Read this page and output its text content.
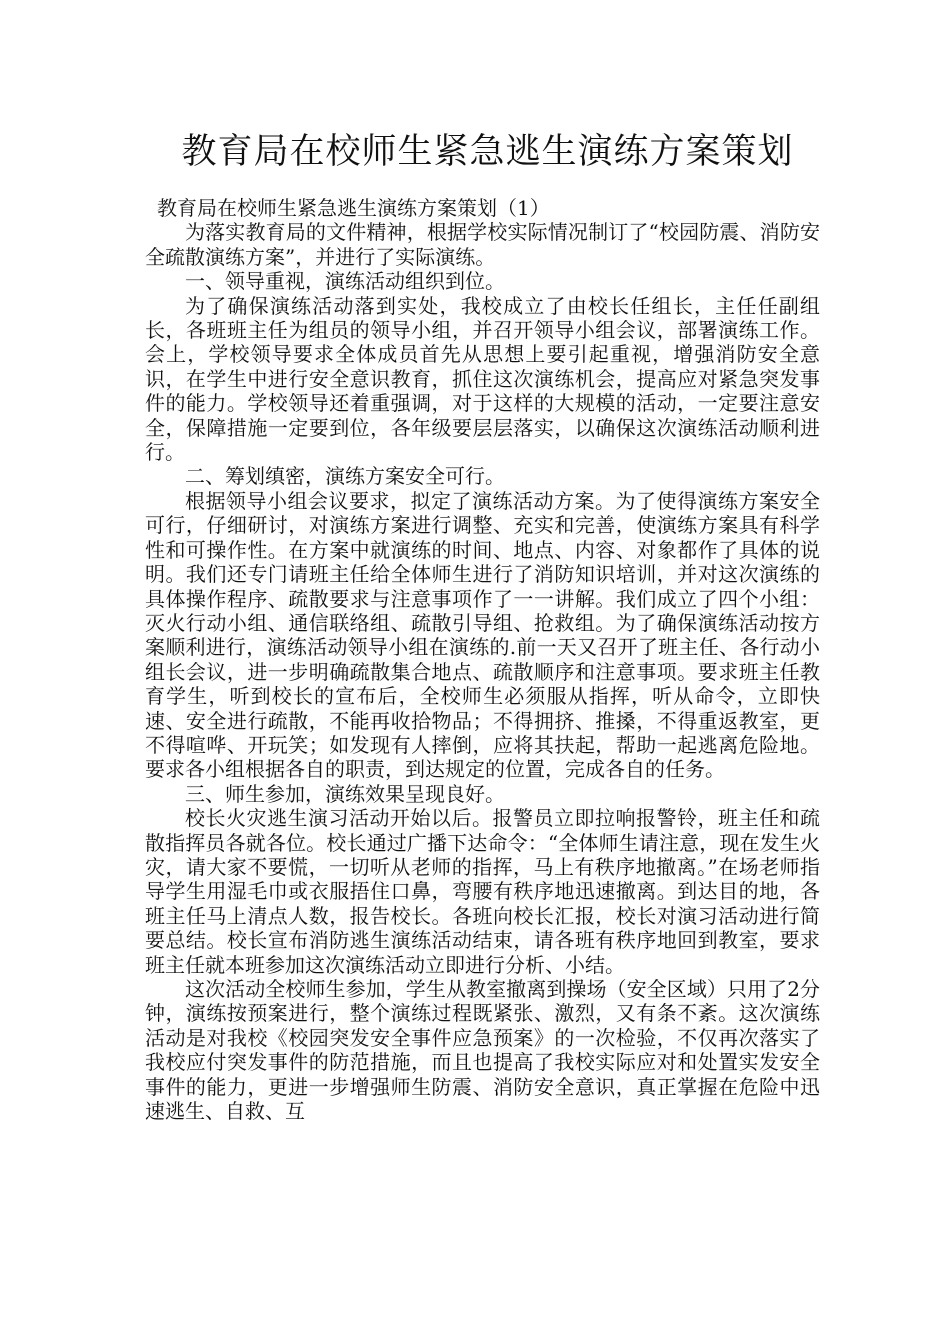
教育局在校师生紧急逃生演练方案策划

教育局在校师生紧急逃生演练方案策划（1）

为落实教育局的文件精神，根据学校实际情况制订了“校园防震、消防安全疏散演练方案”，并进行了实际演练。

一、领导重视，演练活动组织到位。

为了确保演练活动落到实处，我校成立了由校长任组长，主任任副组长，各班班主任为组员的领导小组，并召开领导小组会议，部署演练工作。会上，学校领导要求全体成员首先从思想上要引起重视，增强消防安全意识，在学生中进行安全意识教育，抓住这次演练机会，提高应对紧急突发事件的能力。学校领导还着重强调，对于这样的大规模的活动，一定要注意安全，保障措施一定要到位，各年级要层层落实，以确保这次演练活动顺利进行。

二、筹划缜密，演练方案安全可行。

根据领导小组会议要求，拟定了演练活动方案。为了使得演练方案安全可行，仔细研讨，对演练方案进行调整、充实和完善，使演练方案具有科学性和可操作性。在方案中就演练的时间、地点、内容、对象都作了具体的说明。我们还专门请班主任给全体师生进行了消防知识培训，并对这次演练的具体操作程序、疏散要求与注意事项作了一一讲解。我们成立了四个小组：灭火行动小组、通信联络组、疏散引导组、抢救组。为了确保演练活动按方案顺利进行，演练活动领导小组在演练的.前一天又召开了班主任、各行动小组长会议，进一步明确疏散集合地点、疏散顺序和注意事项。要求班主任教育学生，听到校长的宣布后，全校师生必须服从指挥，听从命令，立即快速、安全进行疏散，不能再收拾物品；不得拥挤、推搡，不得重返教室，更不得喧哗、开玩笑；如发现有人摔倒，应将其扶起，帮助一起逃离危险地。要求各小组根据各自的职责，到达规定的位置，完成各自的任务。

三、师生参加，演练效果呈现良好。

校长火灾逃生演习活动开始以后。报警员立即拉响报警铃，班主任和疏散指挥员各就各位。校长通过广播下达命令：“全体师生请注意，现在发生火灾，请大家不要慌，一切听从老师的指挥，马上有秩序地撤离。”在场老师指导学生用湿毛巾或衣服捂住口鼻，弯腰有秩序地迅速撤离。到达目的地，各班主任马上清点人数，报告校长。各班向校长汇报，校长对演习活动进行简要总结。校长宣布消防逃生演练活动结束，请各班有秩序地回到教室，要求班主任就本班参加这次演练活动立即进行分析、小结。

这次活动全校师生参加，学生从教室撤离到操场（安全区域）只用了2分钟，演练按预案进行，整个演练过程既紧张、激烈，又有条不紊。这次演练活动是对我校《校园突发安全事件应急预案》的一次检验，不仅再次落实了我校应付突发事件的防范措施，而且也提高了我校实际应对和处置实发安全事件的能力，更进一步增强师生防震、消防安全意识，真正掌握在危险中迅速逃生、自救、互
